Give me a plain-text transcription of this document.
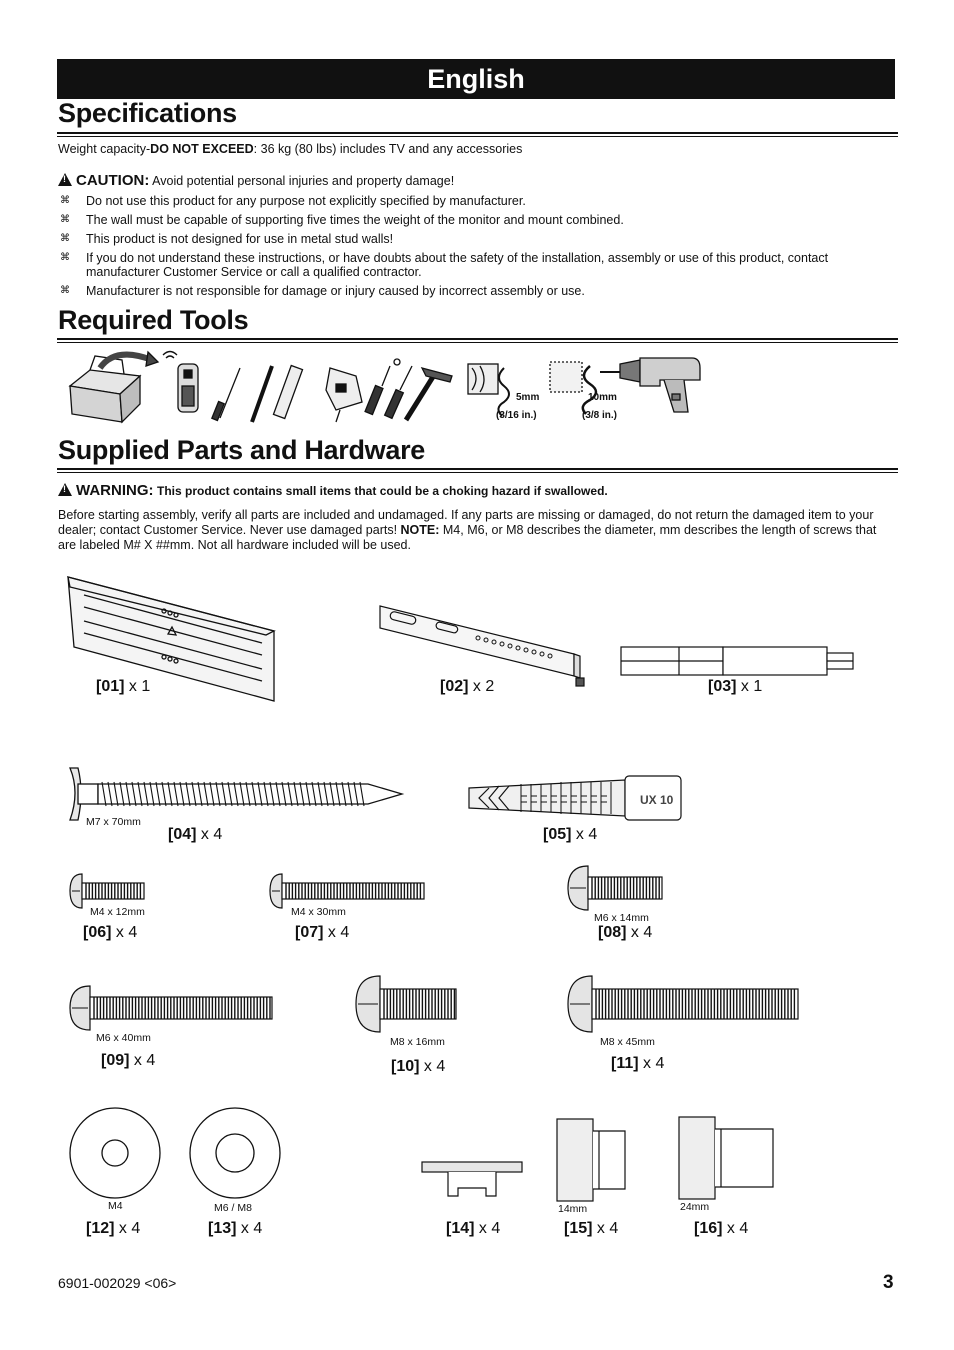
English
Specifications
Weight capacity-DO NOT EXCEED: 36 kg (80 lbs) includes TV and any accessories
!CAUTION: Avoid potential personal injuries and property damage!
⌘ Do not use this product for any purpose not explicitly specified by manufacturer.
⌘ The wall must be capable of supporting five times the weight of the monitor and mount combined.
⌘ This product is not designed for use in metal stud walls!
⌘ If you do not understand these instructions, or have doubts about the safety of the installation, assembly or use of this product, contact manufacturer Customer Service or call a qualified contractor.
⌘ Manufacturer is not responsible for damage or injury caused by incorrect assembly or use.
Required Tools
5mm
(3/16 in.)
10mm
(3/8 in.)
Supplied Parts and Hardware
!WARNING: This product contains small items that could be a choking hazard if swallowed.
Before starting assembly, verify all parts are included and undamaged. If any parts are missing or damaged, do not return the damaged item to your dealer; contact Customer Service. Never use damaged parts! NOTE: M4, M6, or M8 describes the diameter, mm describes the length of screws that are labeled M# X ##mm. Not all hardware included will be used.
[01] x 1	[02] x 2	[03] x 1
M7 x 70mm
[04] x 4
UX 10
[05] x 4
M4 x 12mm
[06] x 4
M4 x 30mm
[07] x 4
M6 x 14mm
[08] x 4
M6 x 40mm
[09] x 4
M8 x 16mm
[10] x 4
M8 x 45mm
[11] x 4
M4
[12] x 4
M6 / M8
[13] x 4	[14] x 4
14mm
[15] x 4
24mm
[16] x 4
6901-002029 <06>	3
